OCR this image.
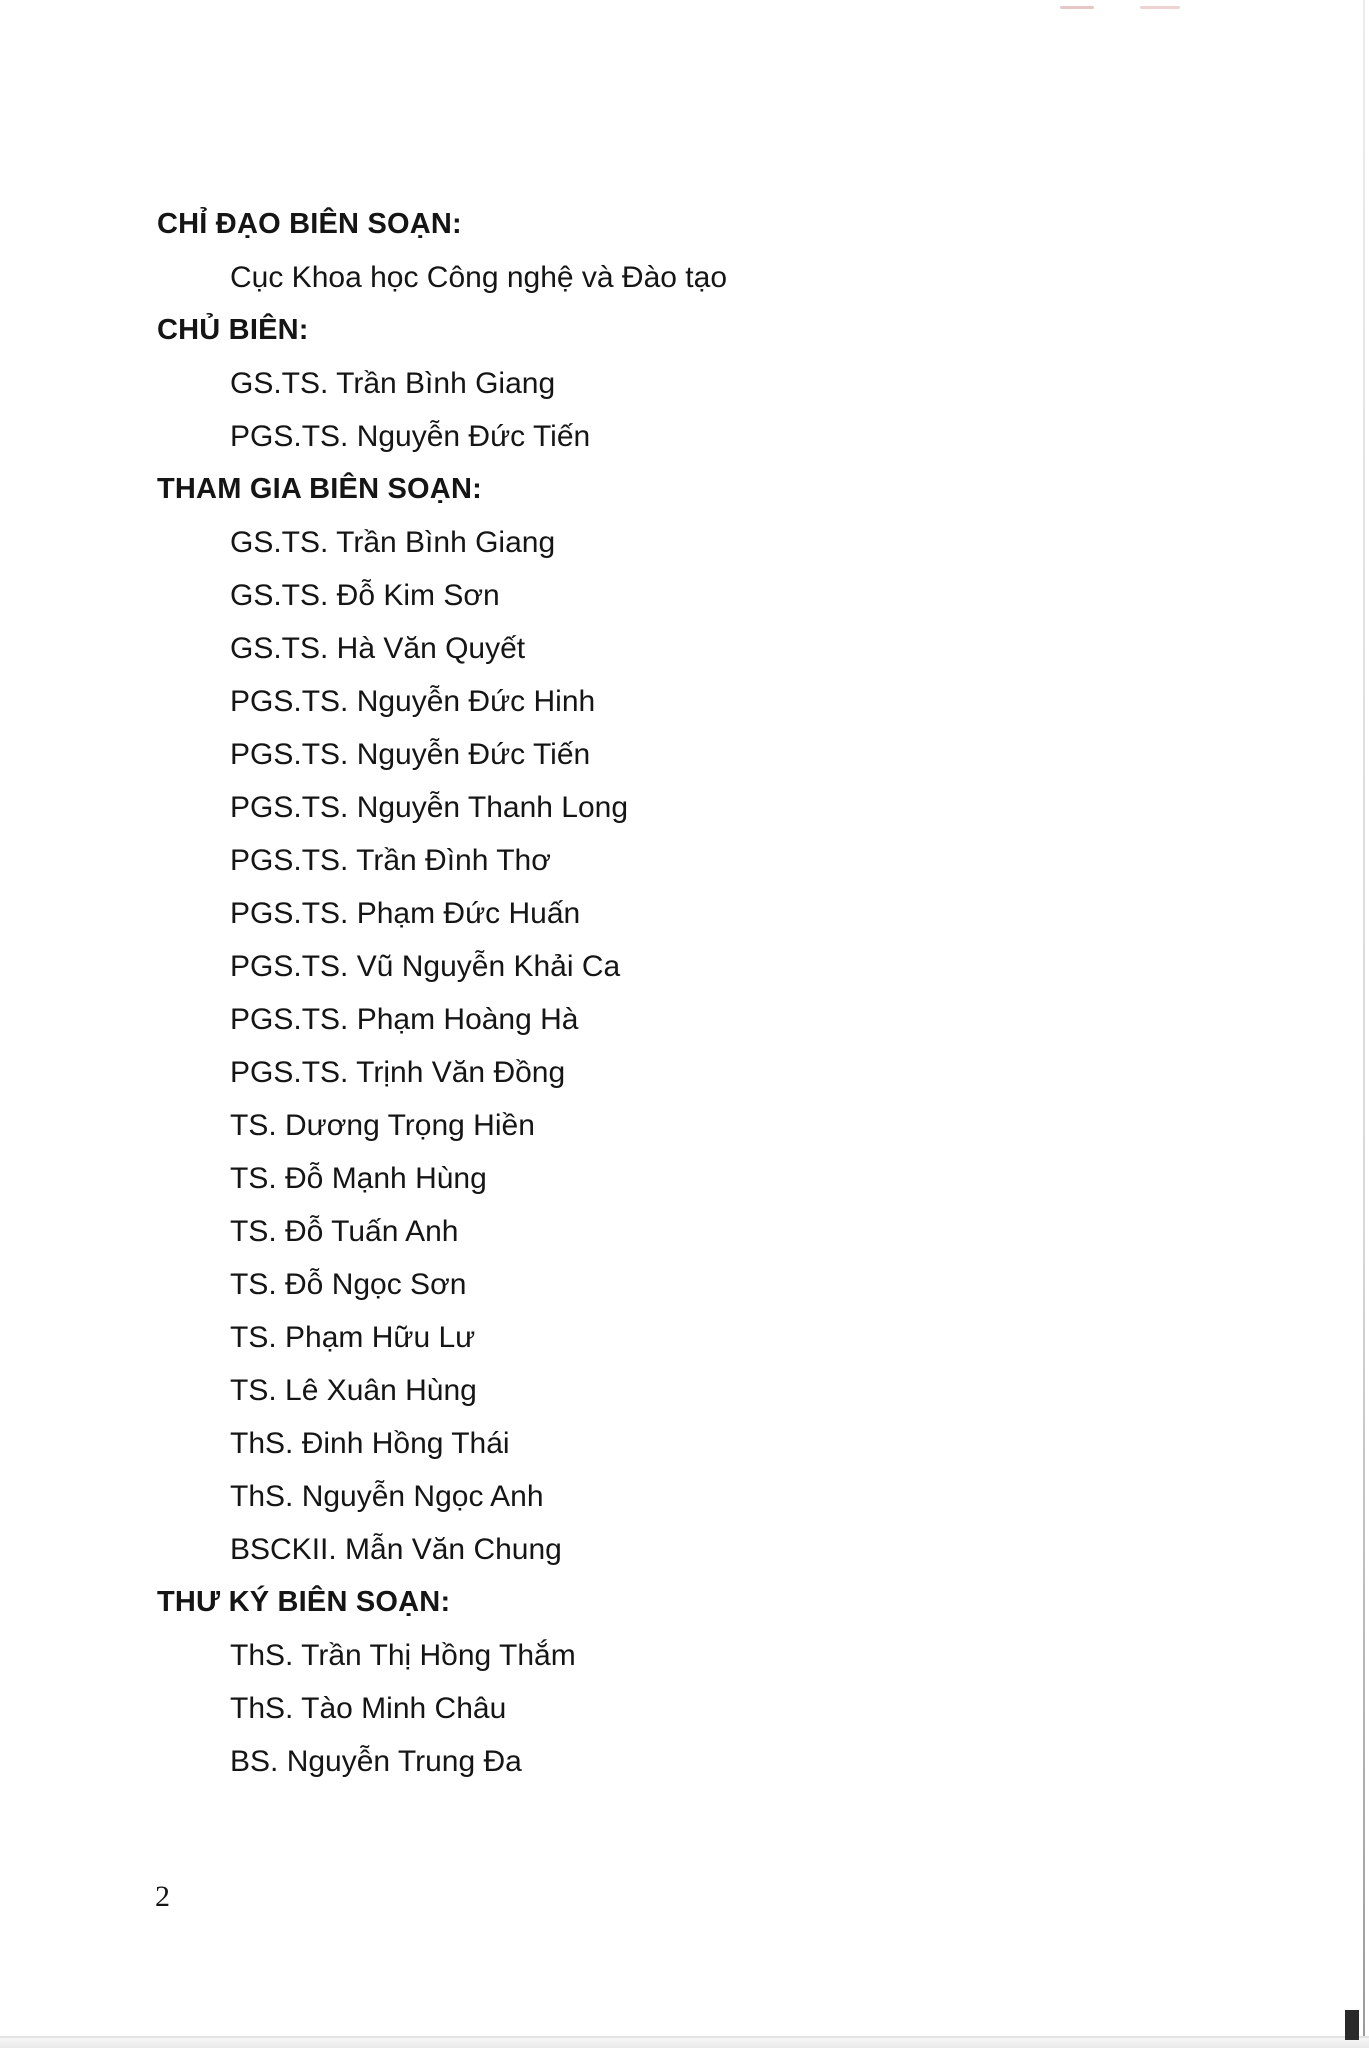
CHỈ ĐẠO BIÊN SOẠN:
Cục Khoa học Công nghệ và Đào tạo
CHỦ BIÊN:
GS.TS. Trần Bình Giang
PGS.TS. Nguyễn Đức Tiến
THAM GIA BIÊN SOẠN:
GS.TS. Trần Bình Giang
GS.TS. Đỗ Kim Sơn
GS.TS. Hà Văn Quyết
PGS.TS. Nguyễn Đức Hinh
PGS.TS. Nguyễn Đức Tiến
PGS.TS. Nguyễn Thanh Long
PGS.TS. Trần Đình Thơ
PGS.TS. Phạm Đức Huấn
PGS.TS. Vũ Nguyễn Khải Ca
PGS.TS. Phạm Hoàng Hà
PGS.TS. Trịnh Văn Đồng
TS. Dương Trọng Hiền
TS. Đỗ Mạnh Hùng
TS. Đỗ Tuấn Anh
TS. Đỗ Ngọc Sơn
TS. Phạm Hữu Lư
TS. Lê Xuân Hùng
ThS. Đinh Hồng Thái
ThS. Nguyễn Ngọc Anh
BSCKII. Mẫn Văn Chung
THƯ KÝ BIÊN SOẠN:
ThS. Trần Thị Hồng Thắm
ThS. Tào Minh Châu
BS. Nguyễn Trung Đa
2
